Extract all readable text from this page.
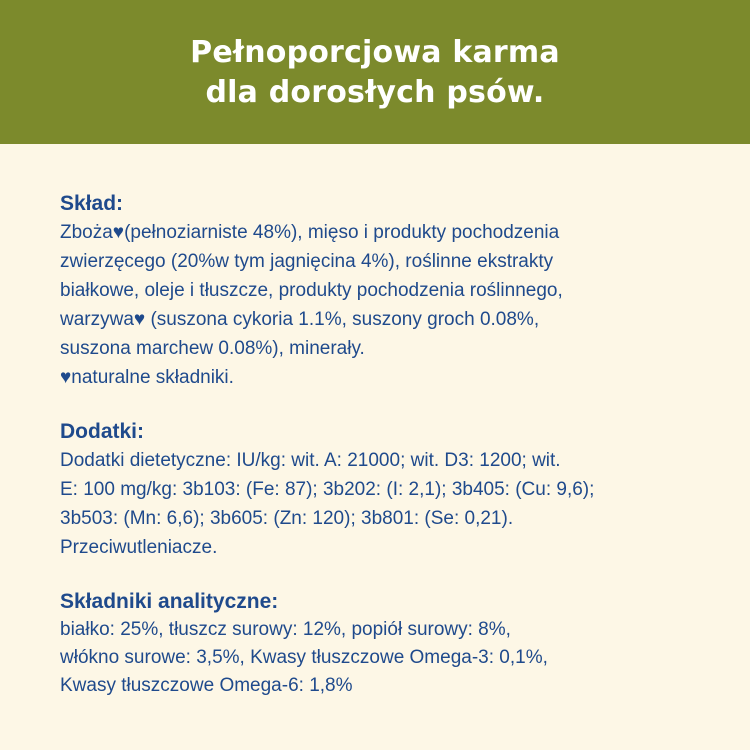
Pełnoporcjowa karma
dla dorosłych psów.
Skład:
Zboża♥(pełnoziarniste 48%), mięso i produkty pochodzenia
zwierzęcego (20%w tym jagnięcina 4%), roślinne ekstrakty
białkowe, oleje i tłuszcze, produkty pochodzenia roślinnego,
warzywa♥ (suszona cykoria 1.1%, suszony groch 0.08%,
suszona marchew 0.08%), minerały.
♥naturalne składniki.
Dodatki:
Dodatki dietetyczne: IU/kg: wit. A: 21000; wit. D3: 1200; wit.
E: 100 mg/kg: 3b103: (Fe: 87); 3b202: (I: 2,1); 3b405: (Cu: 9,6);
3b503: (Mn: 6,6); 3b605: (Zn: 120); 3b801: (Se: 0,21).
Przeciwutleniacze.
Składniki analityczne:
białko: 25%, tłuszcz surowy: 12%, popiół surowy: 8%,
włókno surowe: 3,5%, Kwasy tłuszczowe Omega-3: 0,1%,
Kwasy tłuszczowe Omega-6: 1,8%
